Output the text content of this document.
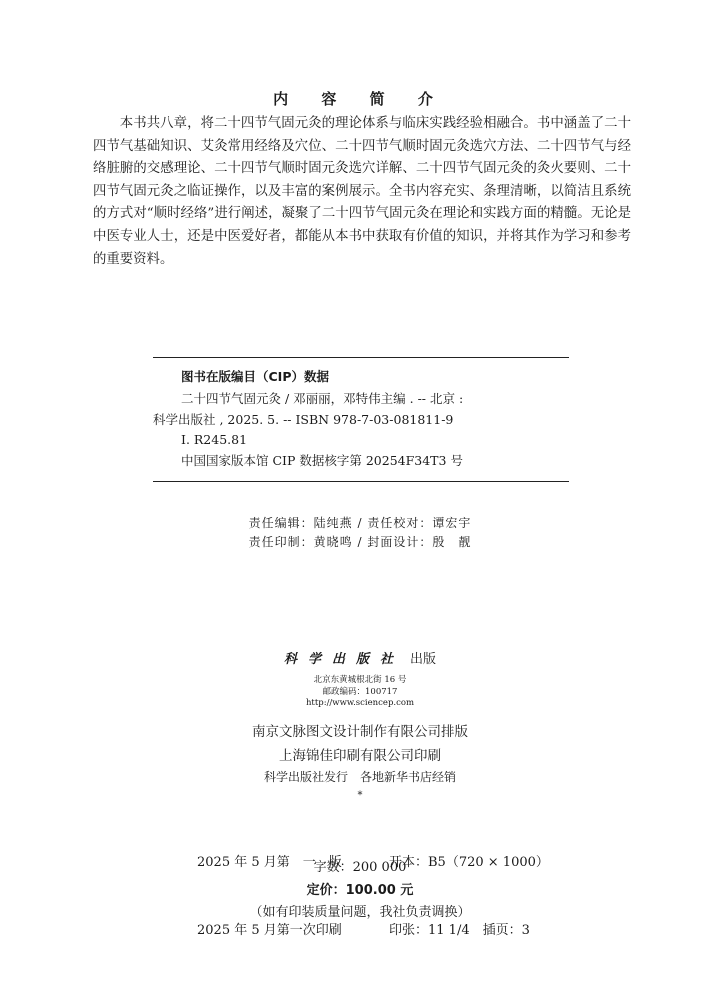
内 容 简 介

本书共八章，将二十四节气固元灸的理论体系与临床实践经验相融合。书中涵盖了二十四节气基础知识、艾灸常用经络及穴位、二十四节气顺时固元灸选穴方法、二十四节气与经络脏腑的交感理论、二十四节气顺时固元灸选穴详解、二十四节气固元灸的灸火要则、二十四节气固元灸之临证操作，以及丰富的案例展示。全书内容充实、条理清晰，以简洁且系统的方式对“顺时经络”进行阐述，凝聚了二十四节气固元灸在理论和实践方面的精髓。无论是中医专业人士，还是中医爱好者，都能从本书中获取有价值的知识，并将其作为学习和参考的重要资料。

图书在版编目（CIP）数据
二十四节气固元灸 / 邓丽丽，邓特伟主编 . -- 北京 :
科学出版社 , 2025. 5. -- ISBN 978-7-03-081811-9
Ⅰ. R245.81
中国国家版本馆 CIP 数据核字第 20254F34T3 号
责任编辑：陆纯燕 / 责任校对：谭宏宇
责任印制：黄晓鸣 / 封面设计：殷　靓
科学出版社 出版
北京东黄城根北街 16 号
邮政编码：100717
http://www.sciencep.com
南京文脉图文设计制作有限公司排版
上海锦佳印刷有限公司印刷
科学出版社发行　各地新华书店经销
*

2025 年 5 月第　一　版	开本：B5（720 × 1000）

2025 年 5 月第一次印刷	印张：11 1/4　插页：3

字数：200 000
定价：100.00 元
（如有印装质量问题，我社负责调换）
